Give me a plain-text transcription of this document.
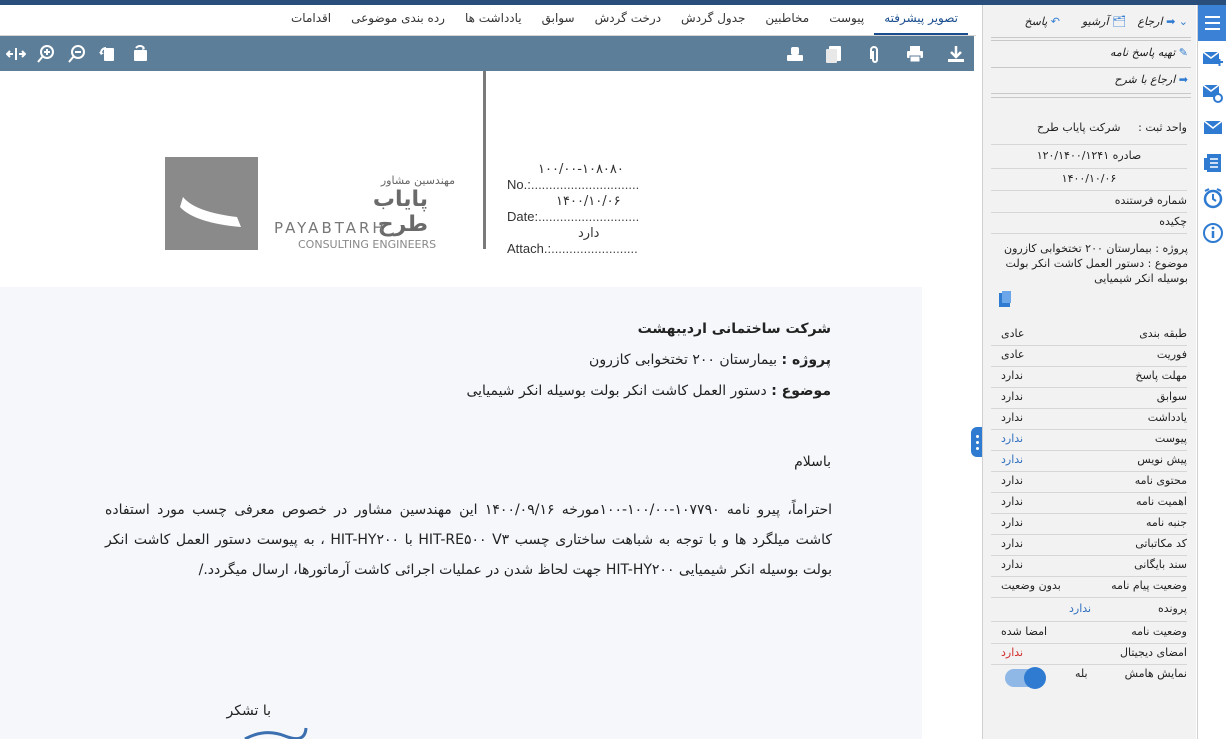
تصویر پیشرفته
پیوست
مخاطبین
جدول گردش
درخت گردش
سوابق
یادداشت ها
رده بندی موضوعی
اقدامات
مهندسین مشاور
پایاب طرح
PAYABTARH
CONSULTING ENGINEERS
No.:..............................
۱۰۰/۰۰-۱۰۸۰۸۰
Date:............................
۱۴۰۰/۱۰/۰۶
Attach.:........................
دارد
شرکت ساختمانی اردیبهشت
پروژه : بیمارستان ۲۰۰ تختخوابی کازرون
موضوع : دستور العمل کاشت انکر بولت بوسیله انکر شیمیایی
باسلام
احتراماً، پیرو نامه ۱۰۷۷۹۰-۱۰۰/۰۰-۱۰۰مورخه ۱۴۰۰/۰۹/۱۶ این مهندسین مشاور در خصوص معرفی چسب مورد استفاده کاشت میلگرد ها و با توجه به شباهت ساختاری چسب HIT-RE۵۰۰ V۳ با HIT-HY۲۰۰ ، به پیوست دستور العمل کاشت انکر بولت بوسیله انکر شیمیایی HIT-HY۲۰۰ جهت لحاظ شدن در عملیات اجرائی کاشت آرماتورها، ارسال میگردد./
با تشکر
⌄ ➡ ارجاع
🗂 آرشیو
↶ پاسخ
✎ تهیه پاسخ نامه
➡ ارجاع با شرح
واحد ثبت :
شرکت پایاب طرح
صادره ۱۲۰/۱۴۰۰/۱۲۴۱
۱۴۰۰/۱۰/۰۶
شماره فرستنده
چکیده
پروژه : بیمارستان ۲۰۰ تختخوابی کازرون موضوع : دستور العمل کاشت انکر بولت بوسیله انکر شیمیایی
طبقه بندی
عادی
فوریت
عادی
مهلت پاسخ
ندارد
سوابق
ندارد
یادداشت
ندارد
پیوست
ندارد
پیش نویس
ندارد
محتوی نامه
ندارد
اهمیت نامه
ندارد
جنبه نامه
ندارد
کد مکاتباتی
ندارد
سند بایگانی
ندارد
وضعیت پیام نامه
بدون وضعیت
پرونده
ندارد
وضعیت نامه
امضا شده
امضای دیجیتال
ندارد
نمایش هامش
بله
